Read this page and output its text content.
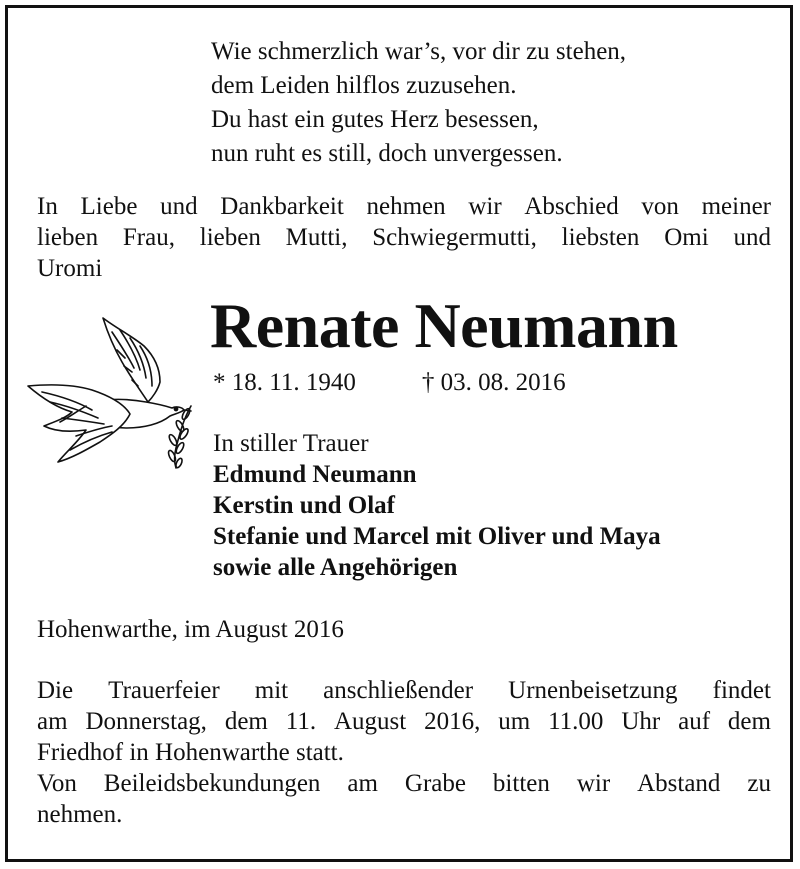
Wie schmerzlich war’s, vor dir zu stehen,
dem Leiden hilflos zuzusehen.
Du hast ein gutes Herz besessen,
nun ruht es still, doch unvergessen.
In Liebe und Dankbarkeit nehmen wir Abschied von meiner
lieben Frau, lieben Mutti, Schwiegermutti, liebsten Omi und
Uromi
Renate Neumann
* 18. 11. 1940	† 03. 08. 2016
In stiller Trauer
Edmund Neumann
Kerstin und Olaf
Stefanie und Marcel mit Oliver und Maya
sowie alle Angehörigen
Hohenwarthe, im August 2016
Die Trauerfeier mit anschließender Urnenbeisetzung findet
am Donnerstag, dem 11. August 2016, um 11.00 Uhr auf dem
Friedhof in Hohenwarthe statt.
Von Beileidsbekundungen am Grabe bitten wir Abstand zu
nehmen.
